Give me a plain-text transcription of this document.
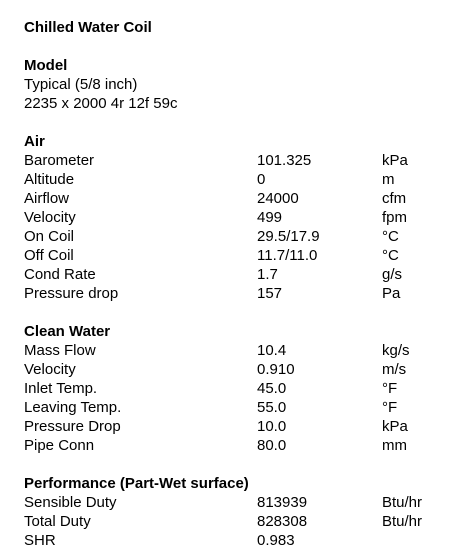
Chilled Water Coil
Model
Typical (5/8 inch)
2235 x 2000 4r 12f 59c
Air
Barometer	101.325	kPa
Altitude	0	m
Airflow	24000	cfm
Velocity	499	fpm
On Coil	29.5/17.9	°C
Off Coil	11.7/11.0	°C
Cond Rate	1.7	g/s
Pressure drop	157	Pa
Clean Water
Mass Flow	10.4	kg/s
Velocity	0.910	m/s
Inlet Temp.	45.0	°F
Leaving Temp.	55.0	°F
Pressure Drop	10.0	kPa
Pipe Conn	80.0	mm
Performance (Part-Wet surface)
Sensible Duty	813939	Btu/hr
Total Duty	828308	Btu/hr
SHR	0.983
